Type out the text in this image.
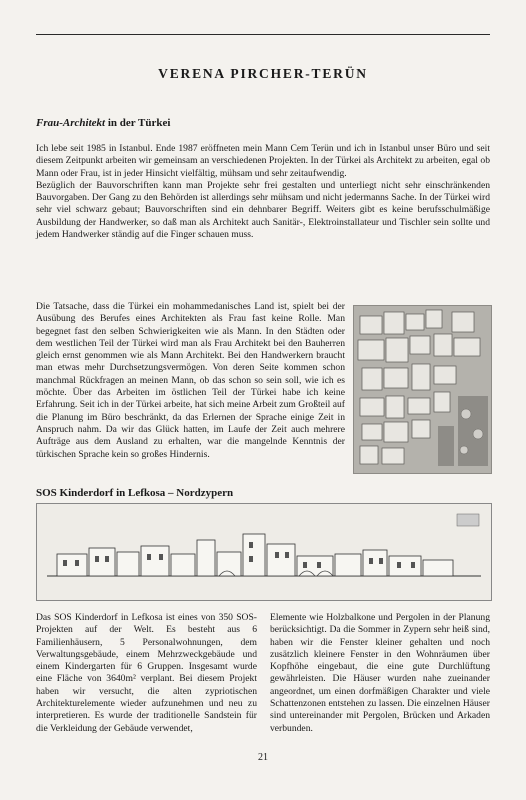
VERENA PIRCHER-TERÜN
Frau-Architekt in der Türkei

Ich lebe seit 1985 in Istanbul. Ende 1987 eröffneten mein Mann Cem Terün und ich in Istanbul unser Büro und seit diesem Zeitpunkt arbeiten wir gemeinsam an verschiedenen Projekten. In der Türkei als Architekt zu arbeiten, egal ob Mann oder Frau, ist in jeder Hinsicht vielfältig, mühsam und sehr zeitaufwendig.

Bezüglich der Bauvorschriften kann man Projekte sehr frei gestalten und unterliegt nicht sehr einschränkenden Bauvorgaben. Der Gang zu den Behörden ist allerdings sehr mühsam und nicht jedermanns Sache. In der Türkei wird sehr viel schwarz gebaut; Bauvorschriften sind ein dehnbarer Begriff. Weiters gibt es keine berufsschulmäßige Ausbildung der Handwerker, so daß man als Architekt auch Sanitär-, Elektroinstallateur und Tischler sein sollte und jedem Handwerker ständig auf die Finger schauen muss.

Die Tatsache, dass die Türkei ein mohammedanisches Land ist, spielt bei der Ausübung des Berufes eines Architekten als Frau fast keine Rolle. Man begegnet fast den selben Schwierigkeiten wie als Mann. In den Städten oder dem westlichen Teil der Türkei wird man als Frau Architekt bei den Bauherren gleich ernst genommen wie als Mann Architekt. Bei den Handwerkern braucht man etwas mehr Durchsetzungsvermögen. Von deren Seite kommen schon manchmal Rückfragen an meinen Mann, ob das schon so sein soll, wie ich es möchte. Über das Arbeiten im östlichen Teil der Türkei habe ich keine Erfahrung. Seit ich in der Türkei arbeite, hat sich meine Arbeit zum Großteil auf die Planung im Büro beschränkt, da das Erlernen der Sprache einige Zeit in Anspruch nahm. Da wir das Glück hatten, im Laufe der Zeit auch mehrere Aufträge aus dem Ausland zu erhalten, war die mangelnde Kenntnis der türkischen Sprache kein so großes Hindernis.

SOS Kinderdorf in Lefkosa – Nordzypern

Das SOS Kinderdorf in Lefkosa ist eines von 350 SOS-Projekten auf der Welt. Es besteht aus 6 Familienhäusern, 5 Personalwohnungen, dem Verwaltungsgebäude, einem Mehrzweckgebäude und einem Kindergarten für 6 Gruppen. Insgesamt wurde eine Fläche von 3640m² verplant. Bei diesem Projekt haben wir versucht, die alten zypriotischen Architekturelemente wieder aufzunehmen und neu zu interpretieren. Es wurde der traditionelle Sandstein für die Verkleidung der Gebäude verwendet,

Elemente wie Holzbalkone und Pergolen in der Planung berücksichtigt. Da die Sommer in Zypern sehr heiß sind, haben wir die Fenster kleiner gehalten und noch zusätzlich kleinere Fenster in den Wohnräumen über Kopfhöhe eingebaut, die eine gute Durchlüftung gewährleisten. Die Häuser wurden nahe zueinander angeordnet, um einen dorfmäßigen Charakter und viele Schattenzonen entstehen zu lassen. Die einzelnen Häuser sind untereinander mit Pergolen, Brücken und Arkaden verbunden.

21
